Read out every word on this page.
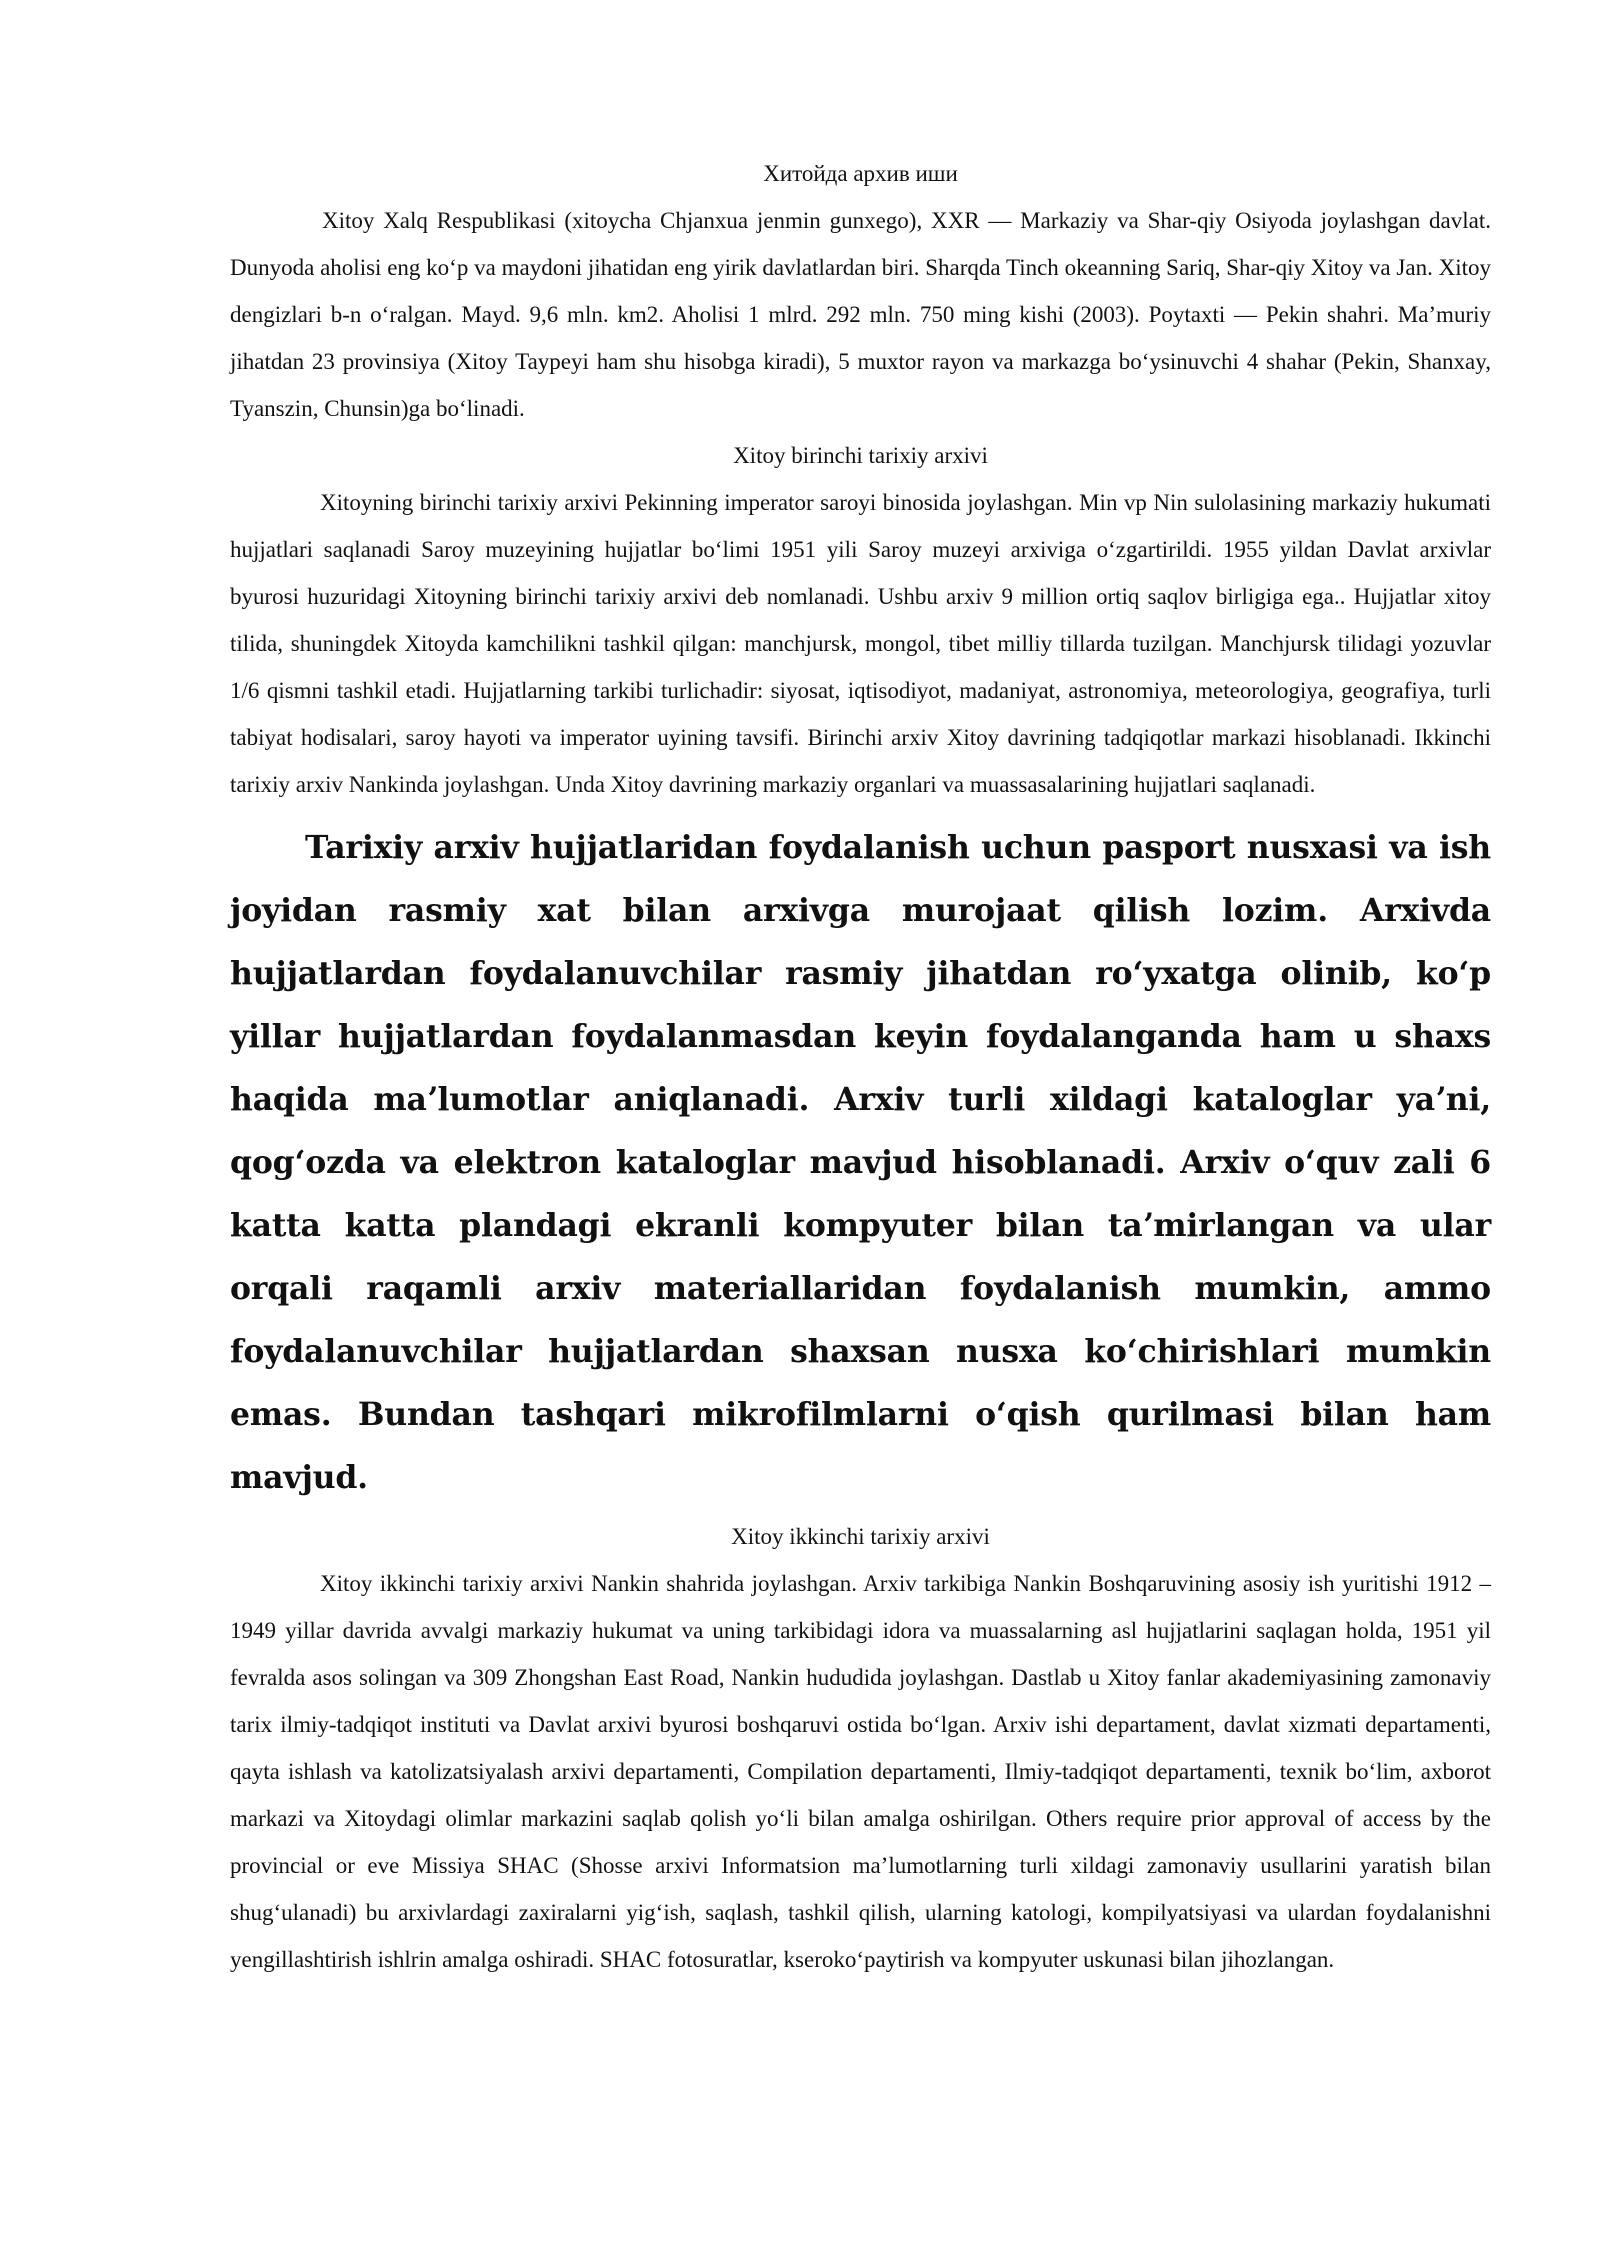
Хитойда архив иши

Xitoy Xalq Respublikasi (xitoycha Chjanxua jenmin gunxego), XXR — Markaziy va Shar-qiy Osiyoda joylashgan davlat. Dunyoda aholisi eng koʻp va maydoni jihatidan eng yirik davlatlardan biri. Sharqda Tinch okeanning Sariq, Shar-qiy Xitoy va Jan. Xitoy dengizlari b-n oʻralgan. Mayd. 9,6 mln. km2. Aholisi 1 mlrd. 292 mln. 750 ming kishi (2003). Poytaxti — Pekin shahri. Maʼmuriy jihatdan 23 provinsiya (Xitoy Taypeyi ham shu hisobga kiradi), 5 muxtor rayon va markazga boʻysinuvchi 4 shahar (Pekin, Shanxay, Tyanszin, Chunsin)ga boʻlinadi.

Xitoy birinchi tarixiy arxivi

Xitoyning birinchi tarixiy arxivi Pekinning imperator saroyi binosida joylashgan. Min vp Nin sulolasining markaziy hukumati hujjatlari saqlanadi Saroy muzeyining hujjatlar boʻlimi 1951 yili Saroy muzeyi arxiviga oʻzgartirildi. 1955 yildan Davlat arxivlar byurosi huzuridagi Xitoyning birinchi tarixiy arxivi deb nomlanadi. Ushbu arxiv 9 million ortiq saqlov birligiga ega.. Hujjatlar xitoy tilida, shuningdek Xitoyda kamchilikni tashkil qilgan: manchjursk, mongol, tibet milliy tillarda tuzilgan. Manchjursk tilidagi yozuvlar 1/6 qismni tashkil etadi. Hujjatlarning tarkibi turlichadir: siyosat, iqtisodiyot, madaniyat, astronomiya, meteorologiya, geografiya, turli tabiyat hodisalari, saroy hayoti va imperator uyining tavsifi. Birinchi arxiv Xitoy davrining tadqiqotlar markazi hisoblanadi. Ikkinchi tarixiy arxiv Nankinda joylashgan. Unda Xitoy davrining markaziy organlari va muassasalarining hujjatlari saqlanadi.

Tarixiy arxiv hujjatlaridan foydalanish uchun pasport nusxasi va ish joyidan rasmiy xat bilan arxivga murojaat qilish lozim. Arxivda hujjatlardan foydalanuvchilar rasmiy jihatdan roʻyxatga olinib, koʻp yillar hujjatlardan foydalanmasdan keyin foydalanganda ham u shaxs haqida maʼlumotlar aniqlanadi. Arxiv turli xildagi kataloglar yaʼni, qogʻozda va elektron kataloglar mavjud hisoblanadi. Arxiv oʻquv zali 6 katta katta plandagi ekranli kompyuter bilan taʼmirlangan va ular orqali raqamli arxiv materiallaridan foydalanish mumkin, ammo foydalanuvchilar hujjatlardan shaxsan nusxa koʻchirishlari mumkin emas. Bundan tashqari mikrofilmlarni oʻqish qurilmasi bilan ham mavjud.

Xitoy ikkinchi tarixiy arxivi

Xitoy ikkinchi tarixiy arxivi Nankin shahrida joylashgan. Arxiv tarkibiga Nankin Boshqaruvining asosiy ish yuritishi 1912 – 1949 yillar davrida avvalgi markaziy hukumat va uning tarkibidagi idora va muassalarning asl hujjatlarini saqlagan holda, 1951 yil fevralda asos solingan va 309 Zhongshan East Road, Nankin hududida joylashgan. Dastlab u Xitoy fanlar akademiyasining zamonaviy tarix ilmiy-tadqiqot instituti va Davlat arxivi byurosi boshqaruvi ostida boʻlgan. Arxiv ishi departament, davlat xizmati departamenti, qayta ishlash va katolizatsiyalash arxivi departamenti, Compilation departamenti, Ilmiy-tadqiqot departamenti, texnik boʻlim, axborot markazi va Xitoydagi olimlar markazini saqlab qolish yoʻli bilan amalga oshirilgan. Others require prior approval of access by the provincial or eve Missiya SHAC (Shosse arxivi Informatsion maʼlumotlarning turli xildagi zamonaviy usullarini yaratish bilan shugʻulanadi) bu arxivlardagi zaxiralarni yigʻish, saqlash, tashkil qilish, ularning katologi, kompilyatsiyasi va ulardan foydalanishni yengillashtirish ishlrin amalga oshiradi. SHAC fotosuratlar, kserokoʻpaytirish va kompyuter uskunasi bilan jihozlangan.
